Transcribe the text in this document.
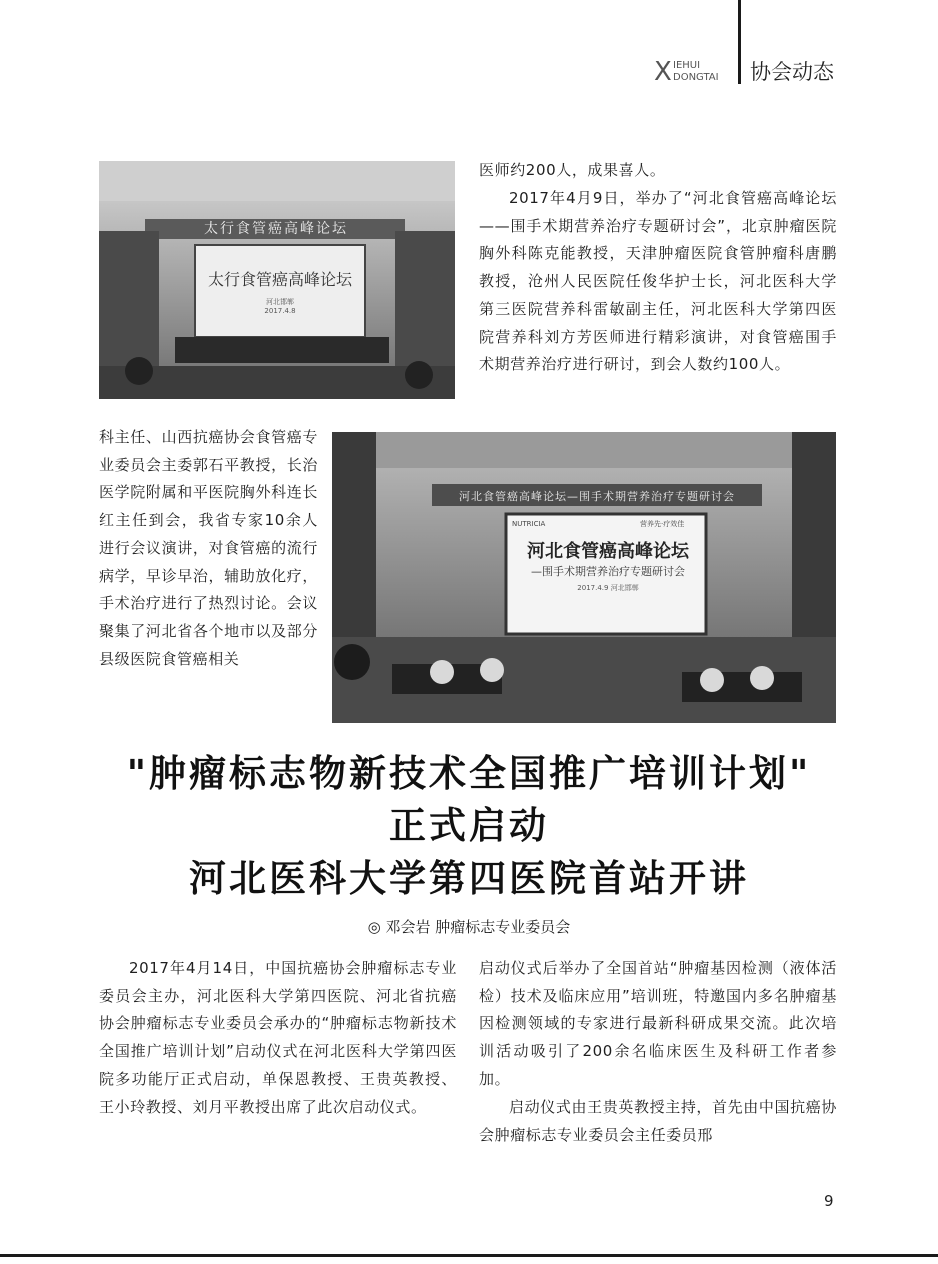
X IEHUI
DONGTAI 协会动态
太行食管癌高峰论坛
太行食管癌高峰论坛
河北邯郸
2017.4.8
医师约200人，成果喜人。
2017年4月9日，举办了“河北食管癌高峰论坛——围手术期营养治疗专题研讨会”，北京肿瘤医院胸外科陈克能教授，天津肿瘤医院食管肿瘤科唐鹏教授，沧州人民医院任俊华护士长，河北医科大学第三医院营养科雷敏副主任，河北医科大学第四医院营养科刘方芳医师进行精彩演讲，对食管癌围手术期营养治疗进行研讨，到会人数约100人。
科主任、山西抗癌协会食管癌专业委员会主委郭石平教授，长治医学院附属和平医院胸外科连长红主任到会，我省专家10余人进行会议演讲，对食管癌的流行病学，早诊早治，辅助放化疗，手术治疗进行了热烈讨论。会议聚集了河北省各个地市以及部分县级医院食管癌相关
河北食管癌高峰论坛—围手术期营养治疗专题研讨会
NUTRICIA	营养先·疗效佳
河北食管癌高峰论坛
—围手术期营养治疗专题研讨会
2017.4.9 河北邯郸
"肿瘤标志物新技术全国推广培训计划"
正式启动
河北医科大学第四医院首站开讲
◎ 邓会岩 肿瘤标志专业委员会
2017年4月14日，中国抗癌协会肿瘤标志专业委员会主办，河北医科大学第四医院、河北省抗癌协会肿瘤标志专业委员会承办的“肿瘤标志物新技术全国推广培训计划”启动仪式在河北医科大学第四医院多功能厅正式启动，单保恩教授、王贵英教授、王小玲教授、刘月平教授出席了此次启动仪式。
启动仪式后举办了全国首站“肿瘤基因检测（液体活检）技术及临床应用”培训班，特邀国内多名肿瘤基因检测领域的专家进行最新科研成果交流。此次培训活动吸引了200余名临床医生及科研工作者参加。
启动仪式由王贵英教授主持，首先由中国抗癌协会肿瘤标志专业委员会主任委员邢
9
